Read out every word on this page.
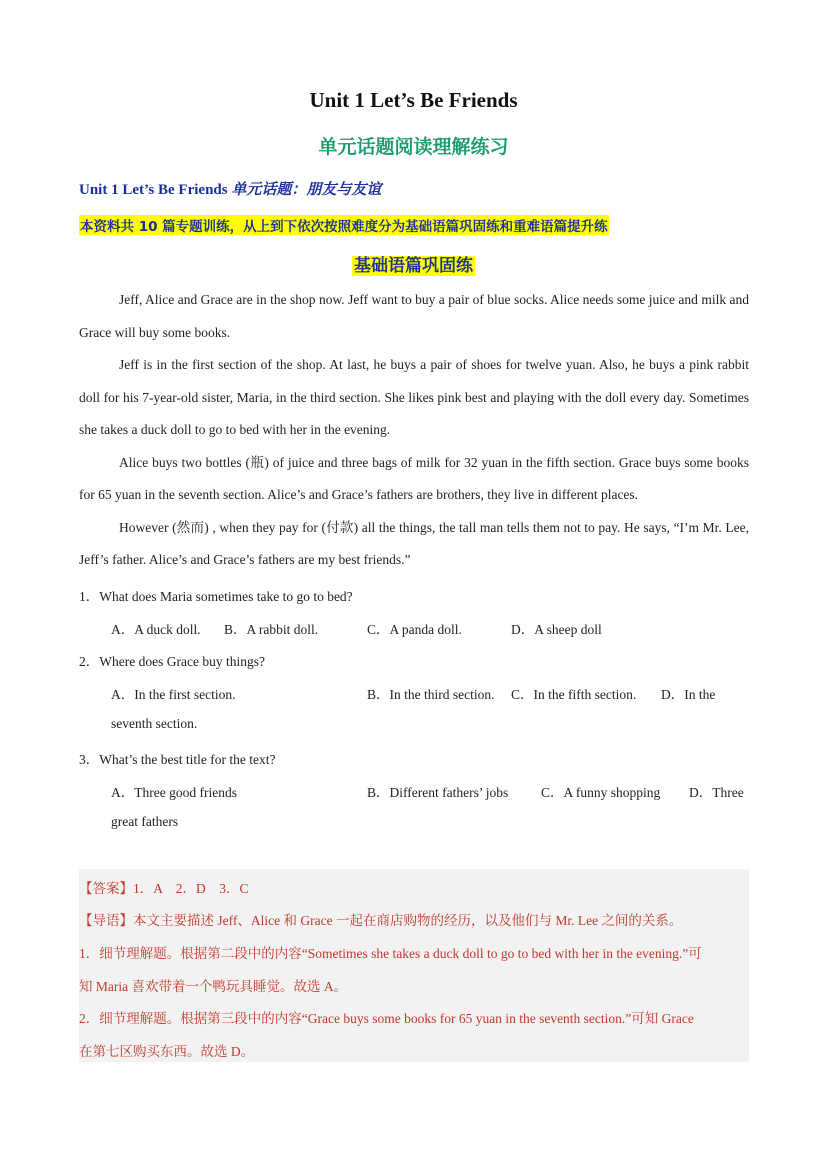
Unit 1 Let’s Be Friends
单元话题阅读理解练习
Unit 1 Let’s Be Friends 单元话题：朋友与友谊
本资料共 10 篇专题训练，从上到下依次按照难度分为基础语篇巩固练和重难语篇提升练
基础语篇巩固练

Jeff, Alice and Grace are in the shop now. Jeff want to buy a pair of blue socks. Alice needs some juice and milk and Grace will buy some books.

Jeff is in the first section of the shop. At last, he buys a pair of shoes for twelve yuan. Also, he buys a pink rabbit doll for his 7-year-old sister, Maria, in the third section. She likes pink best and playing with the doll every day. Sometimes she takes a duck doll to go to bed with her in the evening.

Alice buys two bottles (瓶) of juice and three bags of milk for 32 yuan in the fifth section. Grace buys some books for 65 yuan in the seventh section. Alice’s and Grace’s fathers are brothers, they live in different places.

However (然而) , when they pay for (付款) all the things, the tall man tells them not to pay. He says, “I’m Mr. Lee, Jeff’s father. Alice’s and Grace’s fathers are my best friends.”

1．What does Maria sometimes take to go to bed?
A．A duck doll. B．A rabbit doll.	C．A panda doll.	D．A sheep doll
2．Where does Grace buy things?
A．In the first section.	B．In the third section. C．In the fifth section. D．In the
seventh section.
3．What’s the best title for the text?
A．Three good friends	B．Different fathers’ jobs C．A funny shopping D．Three
great fathers
【答案】1．A    2．D    3．C
【导语】本文主要描述 Jeff、Alice 和 Grace 一起在商店购物的经历，以及他们与 Mr. Lee 之间的关系。
1．细节理解题。根据第二段中的内容“Sometimes she takes a duck doll to go to bed with her in the evening.”可
知 Maria 喜欢带着一个鸭玩具睡觉。故选 A。
2．细节理解题。根据第三段中的内容“Grace buys some books for 65 yuan in the seventh section.”可知 Grace
在第七区购买东西。故选 D。
